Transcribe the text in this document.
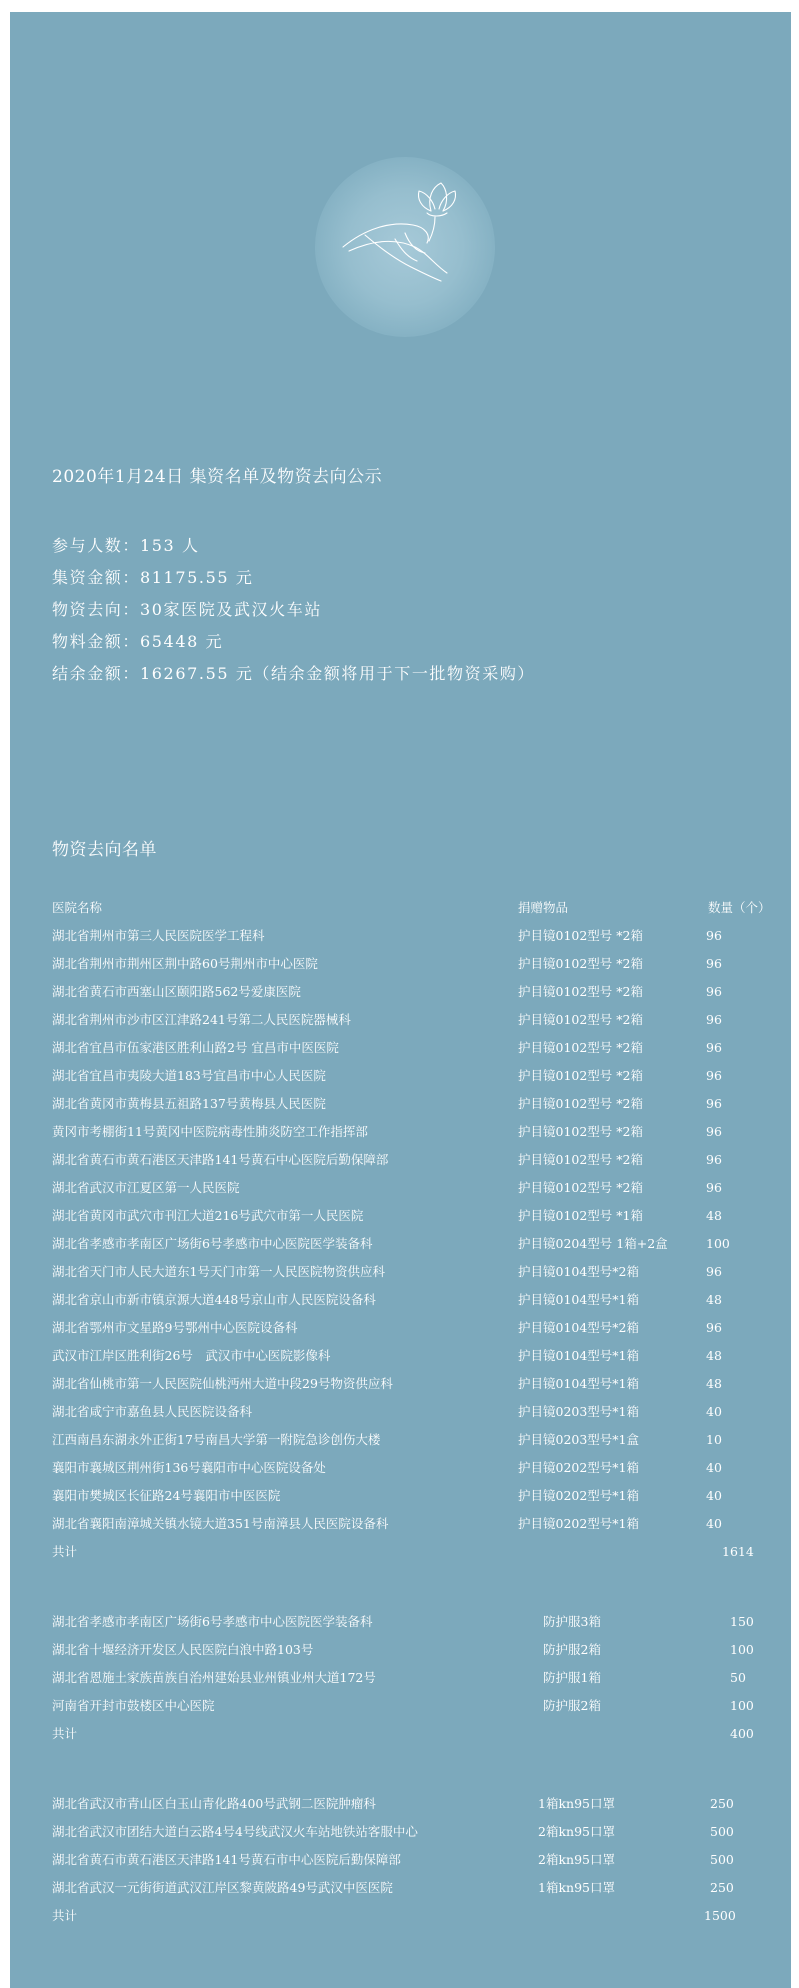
2020年1月24日 集资名单及物资去向公示
参与人数：153 人
集资金额：81175.55 元
物资去向：30家医院及武汉火车站
物料金额：65448 元
结余金额：16267.55 元（结余金额将用于下一批物资采购）
物资去向名单
医院名称	捐赠物品	数量（个）
湖北省荆州市第三人民医院医学工程科	护目镜0102型号 *2箱	96
湖北省荆州市荆州区荆中路60号荆州市中心医院	护目镜0102型号 *2箱	96
湖北省黄石市西塞山区颐阳路562号爱康医院	护目镜0102型号 *2箱	96
湖北省荆州市沙市区江津路241号第二人民医院器械科	护目镜0102型号 *2箱	96
湖北省宜昌市伍家港区胜利山路2号 宜昌市中医医院	护目镜0102型号 *2箱	96
湖北省宜昌市夷陵大道183号宜昌市中心人民医院	护目镜0102型号 *2箱	96
湖北省黄冈市黄梅县五祖路137号黄梅县人民医院	护目镜0102型号 *2箱	96
黄冈市考棚街11号黄冈中医院病毒性肺炎防空工作指挥部	护目镜0102型号 *2箱	96
湖北省黄石市黄石港区天津路141号黄石中心医院后勤保障部	护目镜0102型号 *2箱	96
湖北省武汉市江夏区第一人民医院	护目镜0102型号 *2箱	96
湖北省黄冈市武穴市刊江大道216号武穴市第一人民医院	护目镜0102型号 *1箱	48
湖北省孝感市孝南区广场街6号孝感市中心医院医学装备科	护目镜0204型号 1箱+2盒	100
湖北省天门市人民大道东1号天门市第一人民医院物资供应科	护目镜0104型号*2箱	96
湖北省京山市新市镇京源大道448号京山市人民医院设备科	护目镜0104型号*1箱	48
湖北省鄂州市文星路9号鄂州中心医院设备科	护目镜0104型号*2箱	96
武汉市江岸区胜利街26号　武汉市中心医院影像科	护目镜0104型号*1箱	48
湖北省仙桃市第一人民医院仙桃沔州大道中段29号物资供应科	护目镜0104型号*1箱	48
湖北省咸宁市嘉鱼县人民医院设备科	护目镜0203型号*1箱	40
江西南昌东湖永外正街17号南昌大学第一附院急诊创伤大楼	护目镜0203型号*1盒	10
襄阳市襄城区荆州街136号襄阳市中心医院设备处	护目镜0202型号*1箱	40
襄阳市樊城区长征路24号襄阳市中医医院	护目镜0202型号*1箱	40
湖北省襄阳南漳城关镇水镜大道351号南漳县人民医院设备科	护目镜0202型号*1箱	40
共计	1614
湖北省孝感市孝南区广场街6号孝感市中心医院医学装备科	防护服3箱	150
湖北省十堰经济开发区人民医院白浪中路103号	防护服2箱	100
湖北省恩施土家族苗族自治州建始县业州镇业州大道172号	防护服1箱	50
河南省开封市鼓楼区中心医院	防护服2箱	100
共计	400
湖北省武汉市青山区白玉山青化路400号武钢二医院肿瘤科	1箱kn95口罩	250
湖北省武汉市团结大道白云路4号4号线武汉火车站地铁站客服中心	2箱kn95口罩	500
湖北省黄石市黄石港区天津路141号黄石市中心医院后勤保障部	2箱kn95口罩	500
湖北省武汉一元街街道武汉江岸区黎黄陂路49号武汉中医医院	1箱kn95口罩	250
共计	1500
